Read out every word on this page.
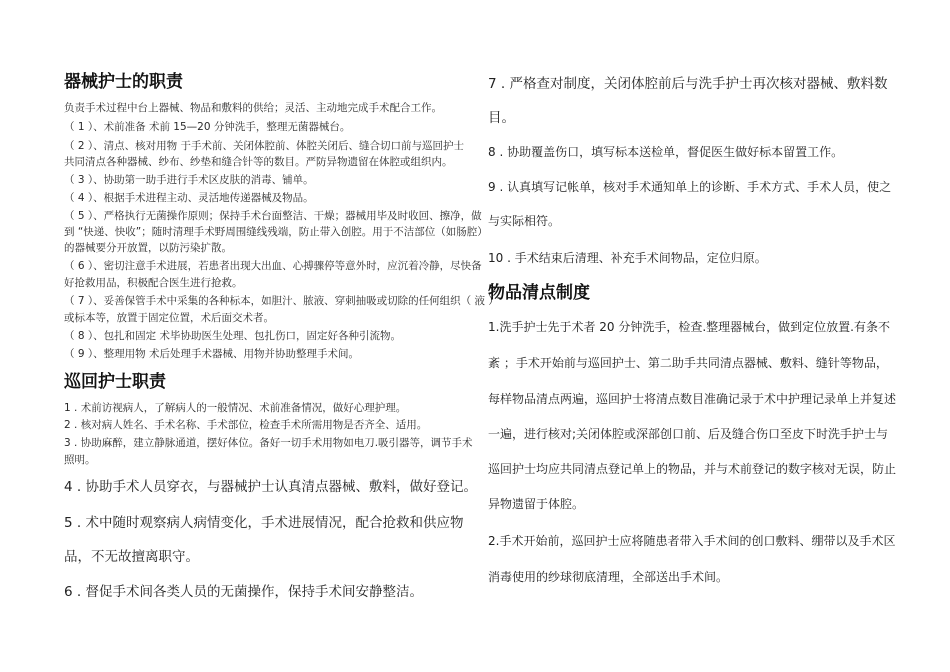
器械护士的职责
负责手术过程中台上器械、物品和敷料的供给；灵活、主动地完成手术配合工作。
（ 1 ）、术前准备 术前 15—20 分钟洗手，整理无菌器械台。
（ 2 ）、清点、核对用物 于手术前、关闭体腔前、体腔关闭后、缝合切口前与巡回护士
共同清点各种器械、纱布、纱垫和缝合针等的数目。严防异物遗留在体腔或组织内。
（ 3 ）、协助第一助手进行手术区皮肤的消毒、铺单。
（ 4 ）、根据手术进程主动、灵活地传递器械及物品。
（ 5 ）、严格执行无菌操作原则；保持手术台面整洁、干燥；器械用毕及时收回、擦净，做
到 “快递、快收”；随时清理手术野周围缝线残端，防止带入创腔。用于不洁部位（如肠腔）
的器械要分开放置，以防污染扩散。
（ 6 ）、密切注意手术进展，若患者出现大出血、心搏骤停等意外时，应沉着冷静，尽快备
好抢救用品，积极配合医生进行抢救。
（ 7 ）、妥善保管手术中采集的各种标本，如胆汁、脓液、穿刺抽吸或切除的任何组织（ 液 ）
或标本等，放置于固定位置，术后面交术者。
（ 8 ）、包扎和固定 术毕协助医生处理、包扎伤口，固定好各种引流物。
（ 9 ）、整理用物 术后处理手术器械、用物并协助整理手术间。
巡回护士职责
1 . 术前访视病人，了解病人的一般情况、术前准备情况，做好心理护理。
2 . 核对病人姓名、手术名称、手术部位，检查手术所需用物是否齐全、适用。
3 . 协助麻醉，建立静脉通道，摆好体位。备好一切手术用物如电刀.吸引器等，调节手术
照明。
4 . 协助手术人员穿衣，与器械护士认真清点器械、敷料，做好登记。
5 . 术中随时观察病人病情变化，手术进展情况，配合抢救和供应物
品，不无故擅离职守。
6 . 督促手术间各类人员的无菌操作，保持手术间安静整洁。
7 . 严格查对制度，关闭体腔前后与洗手护士再次核对器械、敷料数
目。
8 . 协助覆盖伤口，填写标本送检单，督促医生做好标本留置工作。
9 . 认真填写记帐单，核对手术通知单上的诊断、手术方式、手术人员，使之
与实际相符。
10 . 手术结束后清理、补充手术间物品，定位归原。
物品清点制度
1.洗手护士先于术者 20 分钟洗手，检查.整理器械台，做到定位放置.有条不
紊 ；手术开始前与巡回护士、第二助手共同清点器械、敷料、缝针等物品，
每样物品清点两遍，巡回护士将清点数目准确记录于术中护理记录单上并复述
一遍，进行核对;关闭体腔或深部创口前、后及缝合伤口至皮下时洗手护士与
巡回护士均应共同清点登记单上的物品，并与术前登记的数字核对无误，防止
异物遗留于体腔。
2.手术开始前，巡回护士应将随患者带入手术间的创口敷料、绷带以及手术区
消毒使用的纱球彻底清理，全部送出手术间。
